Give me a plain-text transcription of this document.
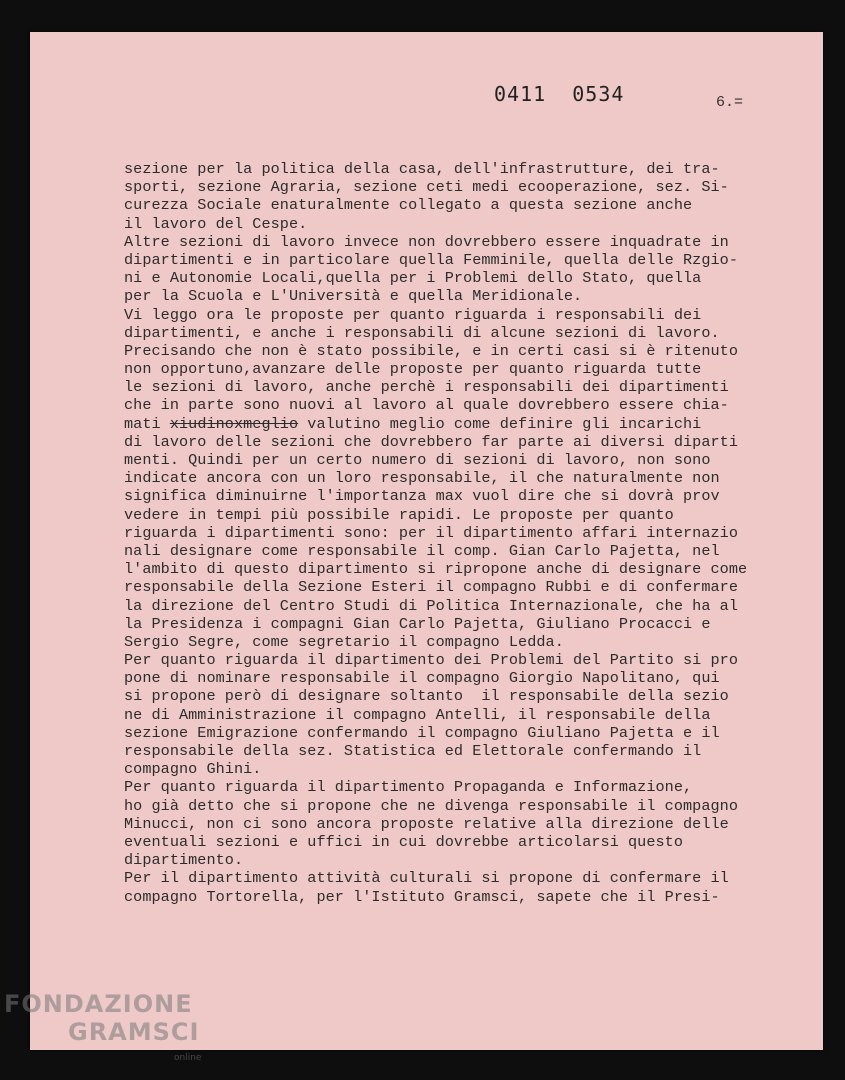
0411  0534	6.=
sezione per la politica della casa, dell'infrastrutture, dei tra-
sporti, sezione Agraria, sezione ceti medi ecooperazione, sez. Si-
curezza Sociale enaturalmente collegato a questa sezione anche
il lavoro del Cespe.
Altre sezioni di lavoro invece non dovrebbero essere inquadrate in
dipartimenti e in particolare quella Femminile, quella delle Rzgio-
ni e Autonomie Locali,quella per i Problemi dello Stato, quella
per la Scuola e L'Università e quella Meridionale.
Vi leggo ora le proposte per quanto riguarda i responsabili dei
dipartimenti, e anche i responsabili di alcune sezioni di lavoro.
Precisando che non è stato possibile, e in certi casi si è ritenuto
non opportuno,avanzare delle proposte per quanto riguarda tutte
le sezioni di lavoro, anche perchè i responsabili dei dipartimenti
che in parte sono nuovi al lavoro al quale dovrebbero essere chia-
mati xiudinoxmeglio valutino meglio come definire gli incarichi
di lavoro delle sezioni che dovrebbero far parte ai diversi diparti
menti. Quindi per un certo numero di sezioni di lavoro, non sono
indicate ancora con un loro responsabile, il che naturalmente non
significa diminuirne l'importanza max vuol dire che si dovrà prov
vedere in tempi più possibile rapidi. Le proposte per quanto
riguarda i dipartimenti sono: per il dipartimento affari internazio
nali designare come responsabile il comp. Gian Carlo Pajetta, nel
l'ambito di questo dipartimento si ripropone anche di designare come
responsabile della Sezione Esteri il compagno Rubbi e di confermare
la direzione del Centro Studi di Politica Internazionale, che ha al
la Presidenza i compagni Gian Carlo Pajetta, Giuliano Procacci e
Sergio Segre, come segretario il compagno Ledda.
Per quanto riguarda il dipartimento dei Problemi del Partito si pro
pone di nominare responsabile il compagno Giorgio Napolitano, qui
si propone però di designare soltanto  il responsabile della sezio
ne di Amministrazione il compagno Antelli, il responsabile della
sezione Emigrazione confermando il compagno Giuliano Pajetta e il
responsabile della sez. Statistica ed Elettorale confermando il
compagno Ghini.
Per quanto riguarda il dipartimento Propaganda e Informazione,
ho già detto che si propone che ne divenga responsabile il compagno
Minucci, non ci sono ancora proposte relative alla direzione delle
eventuali sezioni e uffici in cui dovrebbe articolarsi questo
dipartimento.
Per il dipartimento attività culturali si propone di confermare il
compagno Tortorella, per l'Istituto Gramsci, sapete che il Presi-
FONDAZIONE
GRAMSCI
online
